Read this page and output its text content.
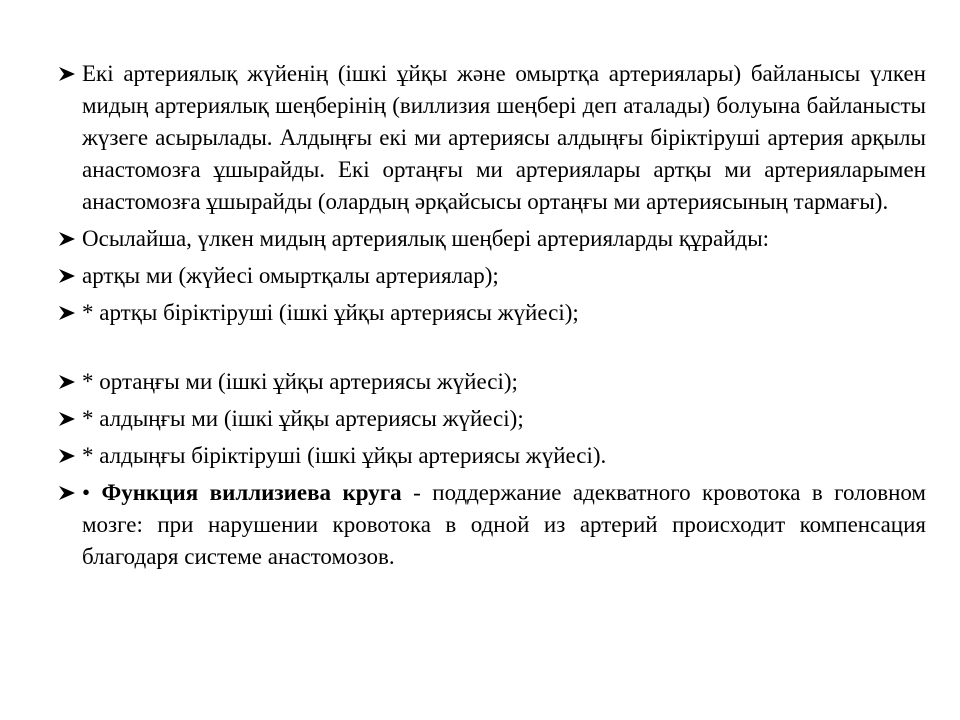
Екі артериялық жүйенің (ішкі ұйқы және омыртқа артериялары) байланысы үлкен мидың артериялық шеңберінің (виллизия шеңбері деп аталады) болуына байланысты жүзеге асырылады. Алдыңғы екі ми артериясы алдыңғы біріктіруші артерия арқылы анастомозға ұшырайды. Екі ортаңғы ми артериялары артқы ми артерияларымен анастомозға ұшырайды (олардың әрқайсысы ортаңғы ми артериясының тармағы).
Осылайша, үлкен мидың артериялық шеңбері артерияларды құрайды:
артқы ми (жүйесі омыртқалы артериялар);
* артқы біріктіруші (ішкі ұйқы артериясы жүйесі);
* ортаңғы ми (ішкі ұйқы артериясы жүйесі);
* алдыңғы ми (ішкі ұйқы артериясы жүйесі);
* алдыңғы біріктіруші (ішкі ұйқы артериясы жүйесі).
• Функция виллизиева круга - поддержание адекватного кровотока в головном мозге: при нарушении кровотока в одной из артерий происходит компенсация благодаря системе анастомозов.
